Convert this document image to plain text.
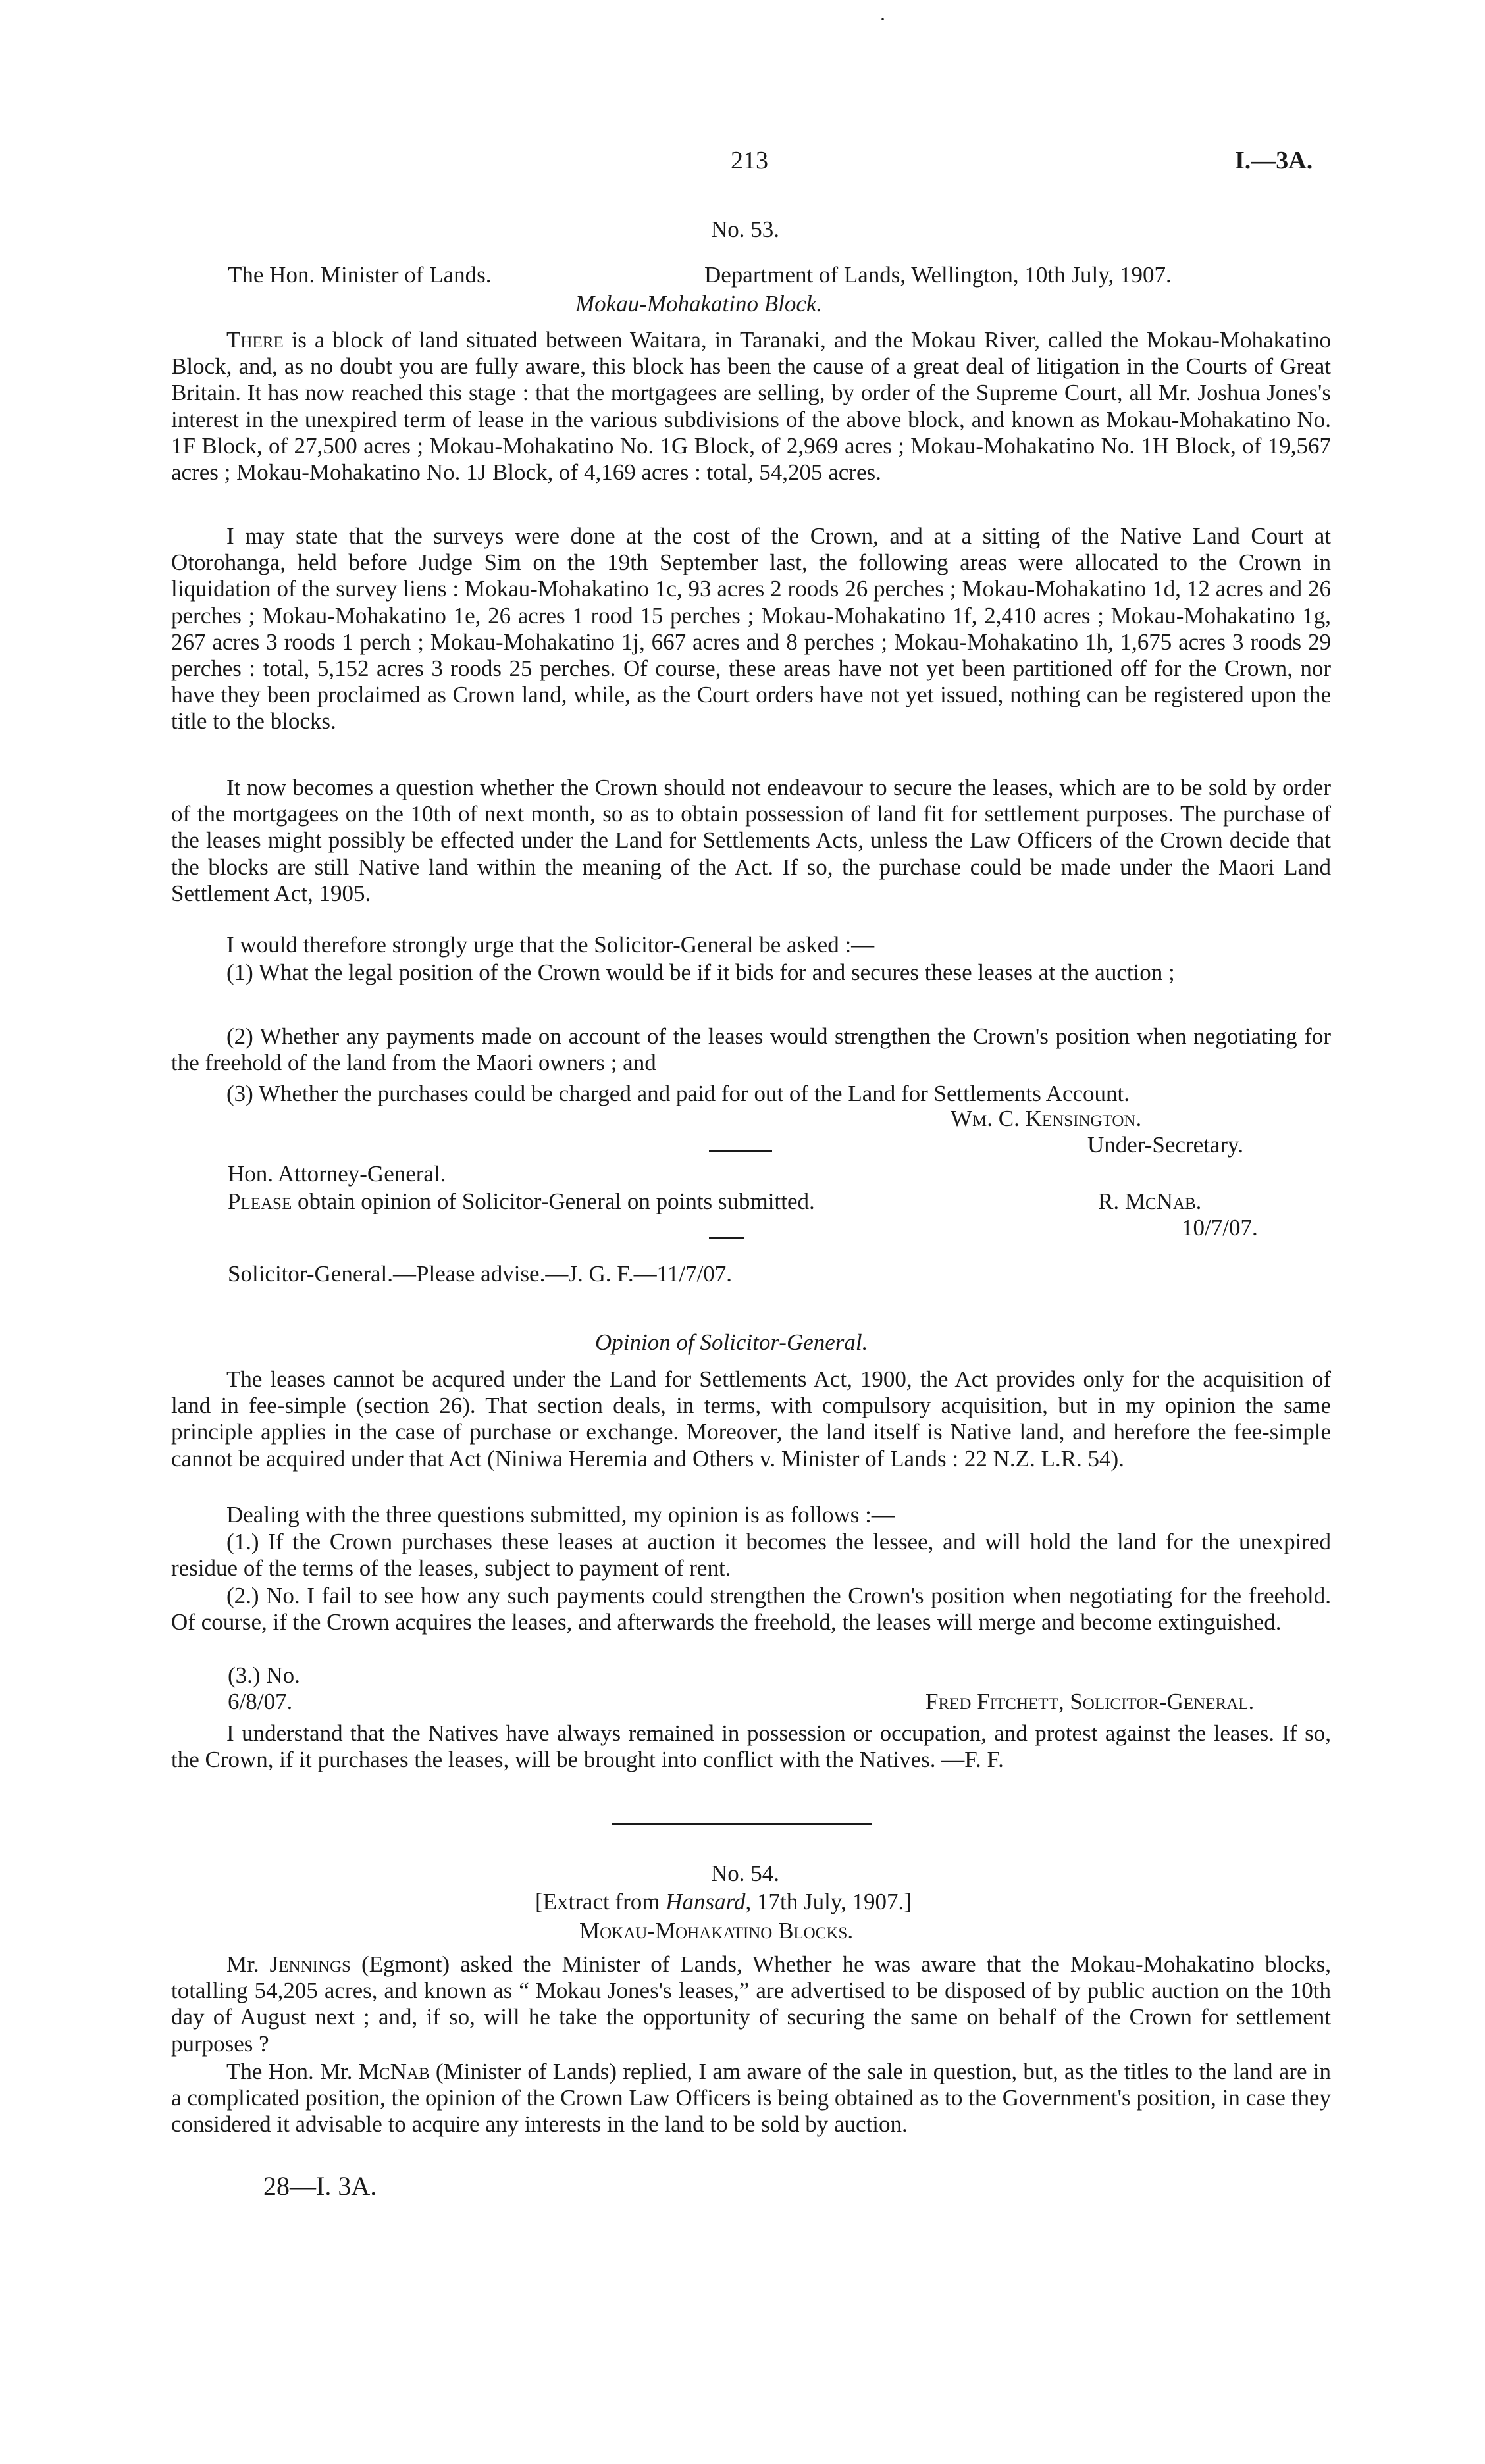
·
213	I.—3A.
No. 53.
The Hon. Minister of Lands.	Department of Lands, Wellington, 10th July, 1907.
Mokau-Mohakatino Block.

There is a block of land situated between Waitara, in Taranaki, and the Mokau River, called the Mokau-Mohakatino Block, and, as no doubt you are fully aware, this block has been the cause of a great deal of litigation in the Courts of Great Britain. It has now reached this stage : that the mortgagees are selling, by order of the Supreme Court, all Mr. Joshua Jones's interest in the unexpired term of lease in the various subdivisions of the above block, and known as Mokau-Mohakatino No. 1F Block, of 27,500 acres ; Mokau-Mohakatino No. 1G Block, of 2,969 acres ; Mokau-Mohakatino No. 1H Block, of 19,567 acres ; Mokau-Mohakatino No. 1J Block, of 4,169 acres : total, 54,205 acres.

I may state that the surveys were done at the cost of the Crown, and at a sitting of the Native Land Court at Otorohanga, held before Judge Sim on the 19th September last, the following areas were allocated to the Crown in liquidation of the survey liens : Mokau-Mohakatino 1c, 93 acres 2 roods 26 perches ; Mokau-Mohakatino 1d, 12 acres and 26 perches ; Mokau-Mohakatino 1e, 26 acres 1 rood 15 perches ; Mokau-Mohakatino 1f, 2,410 acres ; Mokau-Mohakatino 1g, 267 acres 3 roods 1 perch ; Mokau-Mohakatino 1j, 667 acres and 8 perches ; Mokau-Mohakatino 1h, 1,675 acres 3 roods 29 perches : total, 5,152 acres 3 roods 25 perches. Of course, these areas have not yet been partitioned off for the Crown, nor have they been proclaimed as Crown land, while, as the Court orders have not yet issued, nothing can be registered upon the title to the blocks.

It now becomes a question whether the Crown should not endeavour to secure the leases, which are to be sold by order of the mortgagees on the 10th of next month, so as to obtain possession of land fit for settlement purposes. The purchase of the leases might possibly be effected under the Land for Settlements Acts, unless the Law Officers of the Crown decide that the blocks are still Native land within the meaning of the Act. If so, the purchase could be made under the Maori Land Settlement Act, 1905.

I would therefore strongly urge that the Solicitor-General be asked :—

(1) What the legal position of the Crown would be if it bids for and secures these leases at the auction ;

(2) Whether any payments made on account of the leases would strengthen the Crown's position when negotiating for the freehold of the land from the Maori owners ; and

(3) Whether the purchases could be charged and paid for out of the Land for Settlements Account.

Wm. C. Kensington.
Under-Secretary.
Hon. Attorney-General.
Please obtain opinion of Solicitor-General on points submitted.	R. McNab.
10/7/07.
Solicitor-General.—Please advise.—J. G. F.—11/7/07.
Opinion of Solicitor-General.

The leases cannot be acqured under the Land for Settlements Act, 1900, the Act provides only for the acquisition of land in fee-simple (section 26). That section deals, in terms, with compulsory acquisition, but in my opinion the same principle applies in the case of purchase or exchange. Moreover, the land itself is Native land, and herefore the fee-simple cannot be acquired under that Act (Niniwa Heremia and Others v. Minister of Lands : 22 N.Z. L.R. 54).

Dealing with the three questions submitted, my opinion is as follows :—

(1.) If the Crown purchases these leases at auction it becomes the lessee, and will hold the land for the unexpired residue of the terms of the leases, subject to payment of rent.

(2.) No. I fail to see how any such payments could strengthen the Crown's position when negotiating for the freehold. Of course, if the Crown acquires the leases, and afterwards the freehold, the leases will merge and become extinguished.

(3.) No.
6/8/07.	Fred Fitchett, Solicitor-General.

I understand that the Natives have always remained in possession or occupation, and protest against the leases. If so, the Crown, if it purchases the leases, will be brought into conflict with the Natives. —F. F.

No. 54.
[Extract from Hansard, 17th July, 1907.]
Mokau-Mohakatino Blocks.

Mr. Jennings (Egmont) asked the Minister of Lands, Whether he was aware that the Mokau-Mohakatino blocks, totalling 54,205 acres, and known as “ Mokau Jones's leases,” are advertised to be disposed of by public auction on the 10th day of August next ; and, if so, will he take the opportunity of securing the same on behalf of the Crown for settlement purposes ?

The Hon. Mr. McNab (Minister of Lands) replied, I am aware of the sale in question, but, as the titles to the land are in a complicated position, the opinion of the Crown Law Officers is being obtained as to the Government's position, in case they considered it advisable to acquire any interests in the land to be sold by auction.

28—I. 3A.
